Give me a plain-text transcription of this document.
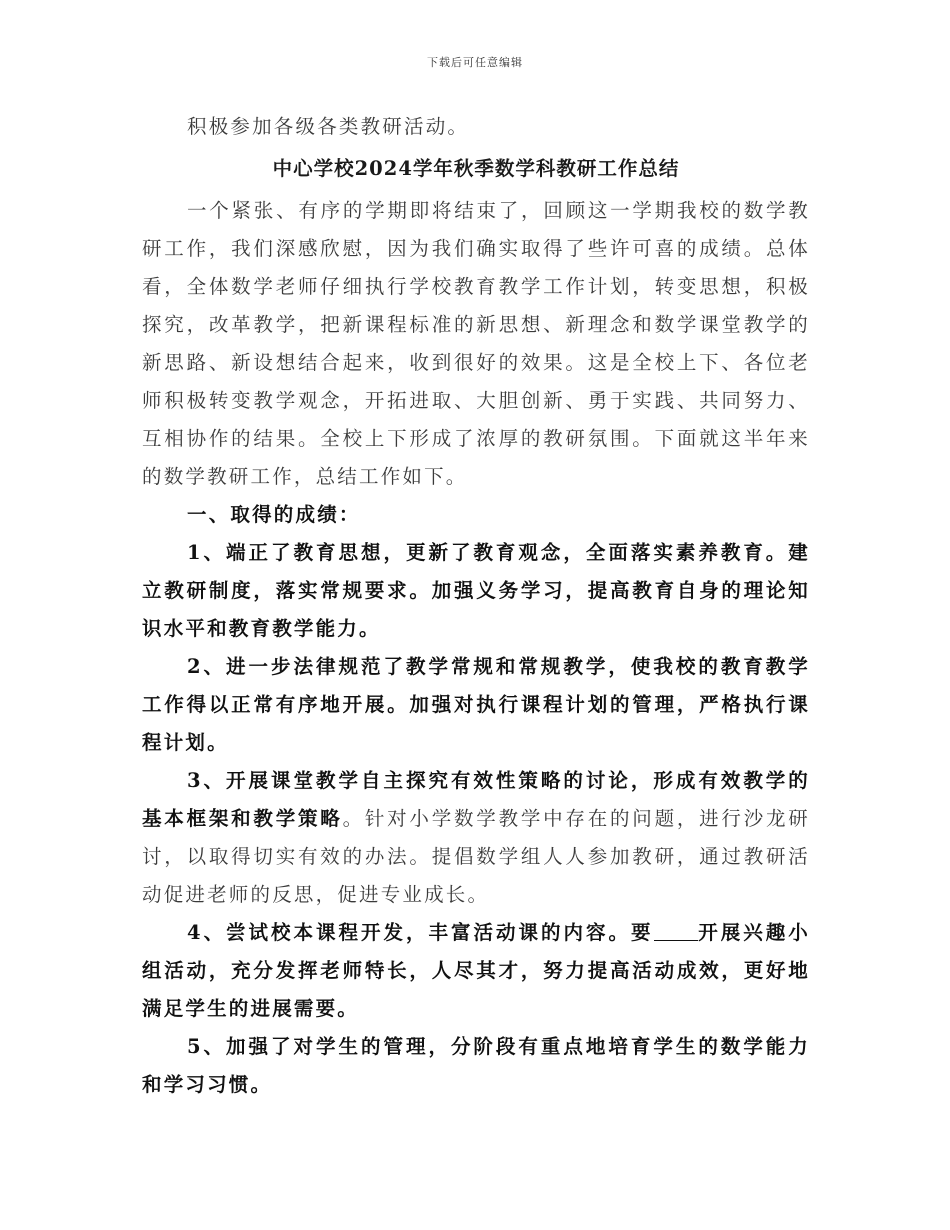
下载后可任意编辑

积极参加各级各类教研活动。

中心学校2024学年秋季数学科教研工作总结

一个紧张、有序的学期即将结束了，回顾这一学期我校的数学教研工作，我们深感欣慰，因为我们确实取得了些许可喜的成绩。总体看，全体数学老师仔细执行学校教育教学工作计划，转变思想，积极探究，改革教学，把新课程标准的新思想、新理念和数学课堂教学的新思路、新设想结合起来，收到很好的效果。这是全校上下、各位老师积极转变教学观念，开拓进取、大胆创新、勇于实践、共同努力、互相协作的结果。全校上下形成了浓厚的教研氛围。下面就这半年来的数学教研工作，总结工作如下。

一、取得的成绩：

1、端正了教育思想，更新了教育观念，全面落实素养教育。建立教研制度，落实常规要求。加强义务学习，提高教育自身的理论知识水平和教育教学能力。

2、进一步法律规范了教学常规和常规教学，使我校的教育教学工作得以正常有序地开展。加强对执行课程计划的管理，严格执行课程计划。

3、开展课堂教学自主探究有效性策略的讨论，形成有效教学的基本框架和教学策略。针对小学数学教学中存在的问题，进行沙龙研讨，以取得切实有效的办法。提倡数学组人人参加教研，通过教研活动促进老师的反思，促进专业成长。

4、尝试校本课程开发，丰富活动课的内容。要 开展兴趣小组活动，充分发挥老师特长，人尽其才，努力提高活动成效，更好地满足学生的进展需要。

5、加强了对学生的管理，分阶段有重点地培育学生的数学能力和学习习惯。
